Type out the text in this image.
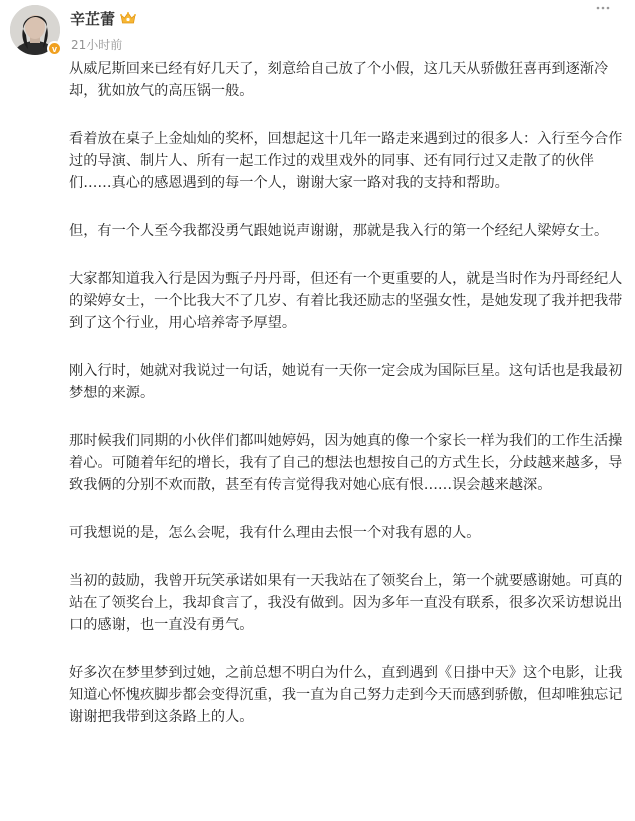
v
辛芷蕾
21小时前

从威尼斯回来已经有好几天了，刻意给自己放了个小假，这几天从骄傲狂喜再到逐渐冷却，犹如放气的高压锅一般。

看着放在桌子上金灿灿的奖杯，回想起这十几年一路走来遇到过的很多人：入行至今合作过的导演、制片人、所有一起工作过的戏里戏外的同事、还有同行过又走散了的伙伴们……真心的感恩遇到的每一个人，谢谢大家一路对我的支持和帮助。

但，有一个人至今我都没勇气跟她说声谢谢，那就是我入行的第一个经纪人梁婷女士。

大家都知道我入行是因为甄子丹丹哥，但还有一个更重要的人，就是当时作为丹哥经纪人的梁婷女士，一个比我大不了几岁、有着比我还励志的坚强女性，是她发现了我并把我带到了这个行业，用心培养寄予厚望。

刚入行时，她就对我说过一句话，她说有一天你一定会成为国际巨星。这句话也是我最初梦想的来源。

那时候我们同期的小伙伴们都叫她婷妈，因为她真的像一个家长一样为我们的工作生活操着心。可随着年纪的增长，我有了自己的想法也想按自己的方式生长，分歧越来越多，导致我俩的分别不欢而散，甚至有传言觉得我对她心底有恨……误会越来越深。

可我想说的是，怎么会呢，我有什么理由去恨一个对我有恩的人。

当初的鼓励，我曾开玩笑承诺如果有一天我站在了领奖台上，第一个就要感谢她。可真的站在了领奖台上，我却食言了，我没有做到。因为多年一直没有联系，很多次采访想说出口的感谢，也一直没有勇气。

好多次在梦里梦到过她，之前总想不明白为什么，直到遇到《日掛中天》这个电影，让我知道心怀愧疚脚步都会变得沉重，我一直为自己努力走到今天而感到骄傲，但却唯独忘记谢谢把我带到这条路上的人。
